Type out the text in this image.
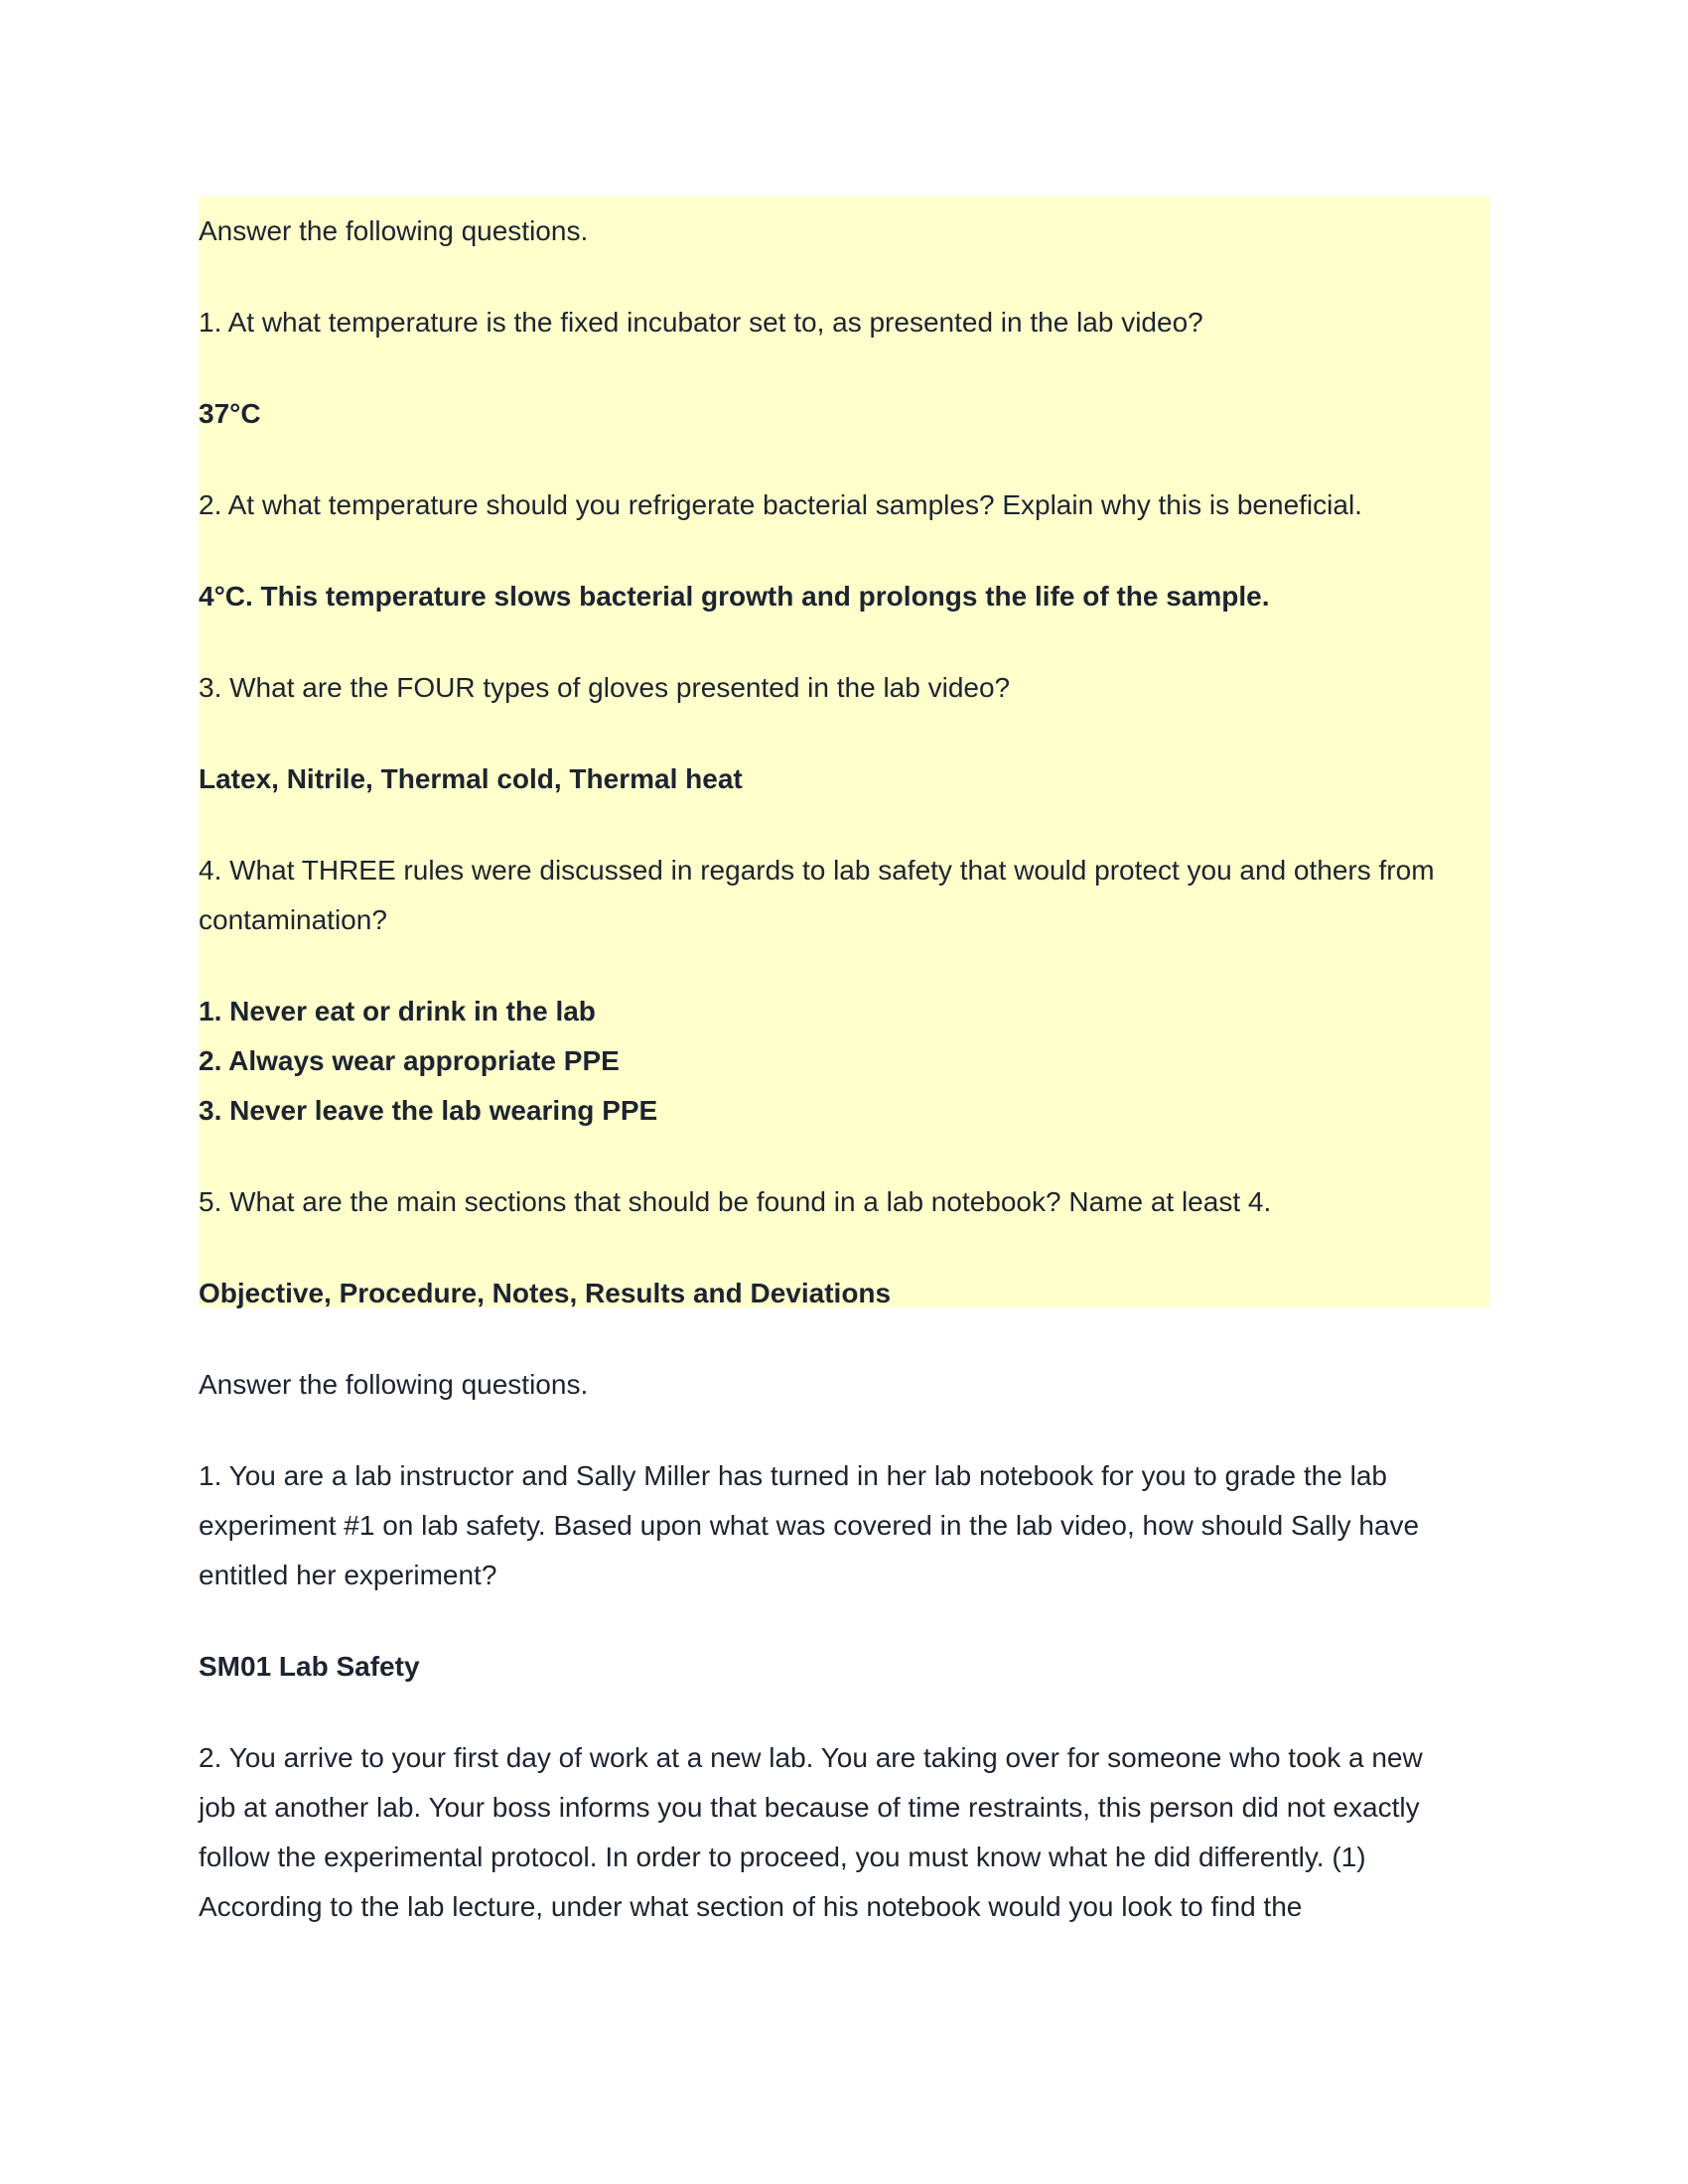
Answer the following questions.

1. At what temperature is the fixed incubator set to, as presented in the lab video?

37°C

2. At what temperature should you refrigerate bacterial samples? Explain why this is beneficial.

4°C. This temperature slows bacterial growth and prolongs the life of the sample.

3. What are the FOUR types of gloves presented in the lab video?

Latex, Nitrile, Thermal cold, Thermal heat

4. What THREE rules were discussed in regards to lab safety that would protect you and others from

contamination?

1. Never eat or drink in the lab

2. Always wear appropriate PPE

3. Never leave the lab wearing PPE

5. What are the main sections that should be found in a lab notebook? Name at least 4.

Objective, Procedure, Notes, Results and Deviations

Answer the following questions.

1. You are a lab instructor and Sally Miller has turned in her lab notebook for you to grade the lab

experiment #1 on lab safety. Based upon what was covered in the lab video, how should Sally have

entitled her experiment?

SM01 Lab Safety

2. You arrive to your first day of work at a new lab. You are taking over for someone who took a new

job at another lab. Your boss informs you that because of time restraints, this person did not exactly

follow the experimental protocol. In order to proceed, you must know what he did differently. (1)

According to the lab lecture, under what section of his notebook would you look to find the
